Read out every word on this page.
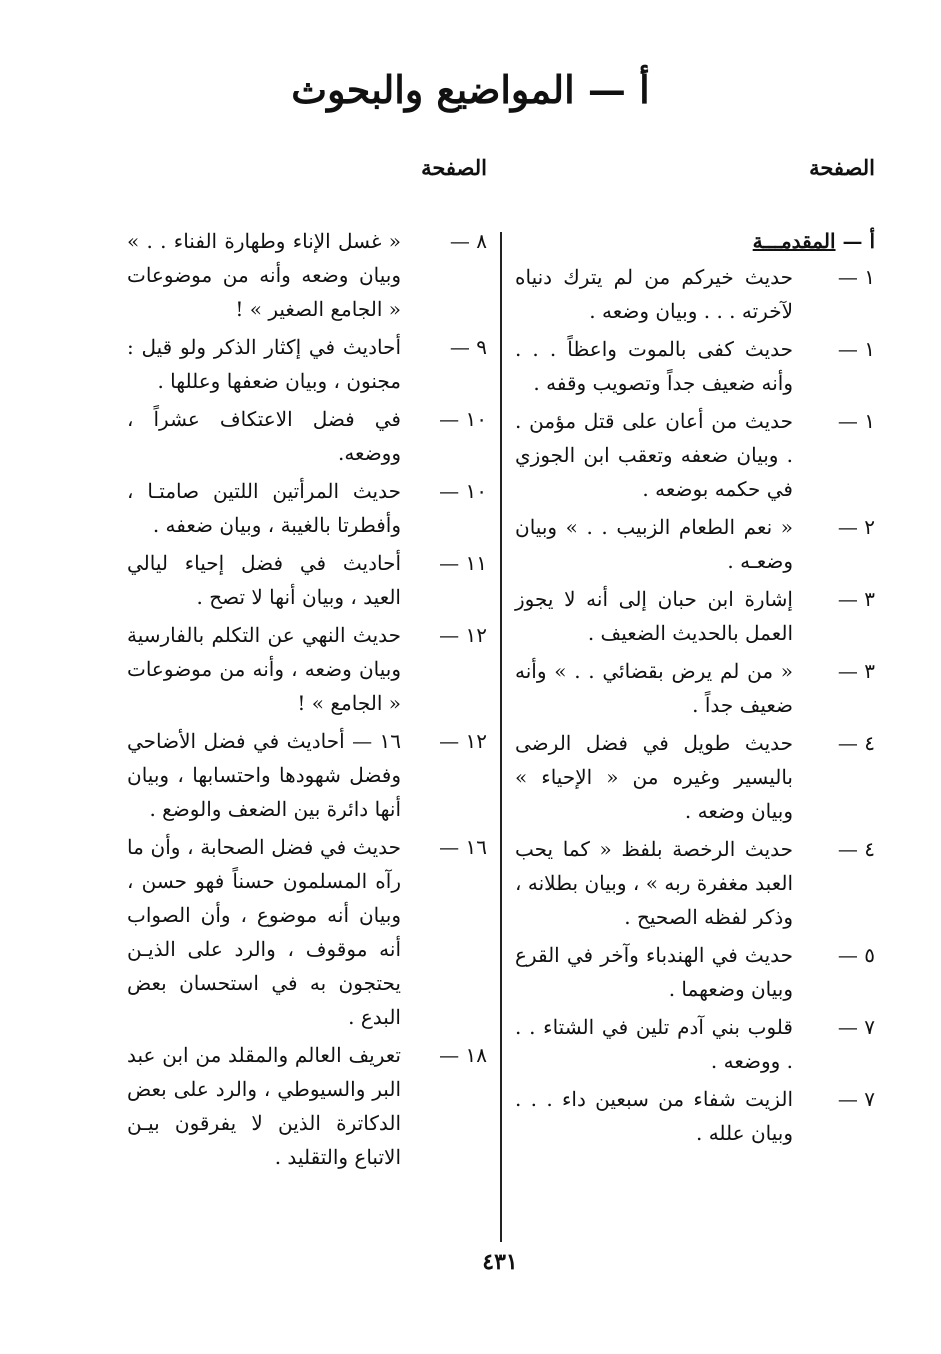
أ — المواضيع والبحوث
الصفحة
الصفحة
أ — المقدمـــة
١ —
حديث خيركم من لم يترك دنياه لآخرته . . . وبيان وضعه .
١ —
حديث كفى بالموت واعظاً . . . وأنه ضعيف جداً وتصويب وقفه .
١ —
حديث من أعان على قتل مؤمن . . وبيان ضعفه وتعقب ابن الجوزي في حكمه بوضعه .
٢ —
« نعم الطعام الزبيب . . » وبيان وضعـه .
٣ —
إشارة ابن حبان إلى أنه لا يجوز العمل بالحديث الضعيف .
٣ —
« من لم يرض بقضائي . . » وأنه ضعيف جداً .
٤ —
حديث طويل في فضل الرضى باليسير وغيره من « الإحياء » وبيان وضعه .
٤ —
حديث الرخصة بلفظ « كما يحب العبد مغفرة ربه » ، وبيان بطلانه ، وذكر لفظه الصحيح .
٥ —
حديث في الهندباء وآخر في القرع وبيان وضعهما .
٧ —
قلوب بني آدم تلين في الشتاء . . . ووضعه .
٧ —
الزيت شفاء من سبعين داء . . . وبيان علله .
٨ —
« غسل الإناء وطهارة الفناء . . » وبيان وضعه وأنه من موضوعات « الجامع الصغير » !
٩ —
أحاديث في إكثار الذكر ولو قيل : مجنون ، وبيان ضعفها وعللها .
١٠ —
في فضل الاعتكاف عشراً ، ووضعه.
١٠ —
حديث المرأتين اللتين صامتـا ، وأفطرتا بالغيبة ، وبيان ضعفه .
١١ —
أحاديث في فضل إحياء ليالي العيد ، وبيان أنها لا تصح .
١٢ —
حديث النهي عن التكلم بالفارسية وبيان وضعه ، وأنه من موضوعات « الجامع » !
١٢ —
١٦ — أحاديث في فضل الأضاحي وفضل شهودها واحتسابها ، وبيان أنها دائرة بين الضعف والوضع .
١٦ —
حديث في فضل الصحابة ، وأن ما رآه المسلمون حسناً فهو حسن ، وبيان أنه موضوع ، وأن الصواب أنه موقوف ، والرد على الذيـن يحتجون به في استحسان بعض البدع .
١٨ —
تعريف العالم والمقلد من ابن عبد البر والسيوطي ، والرد على بعض الدكاترة الذين لا يفرقون بيـن الاتباع والتقليد .
٤٣١
